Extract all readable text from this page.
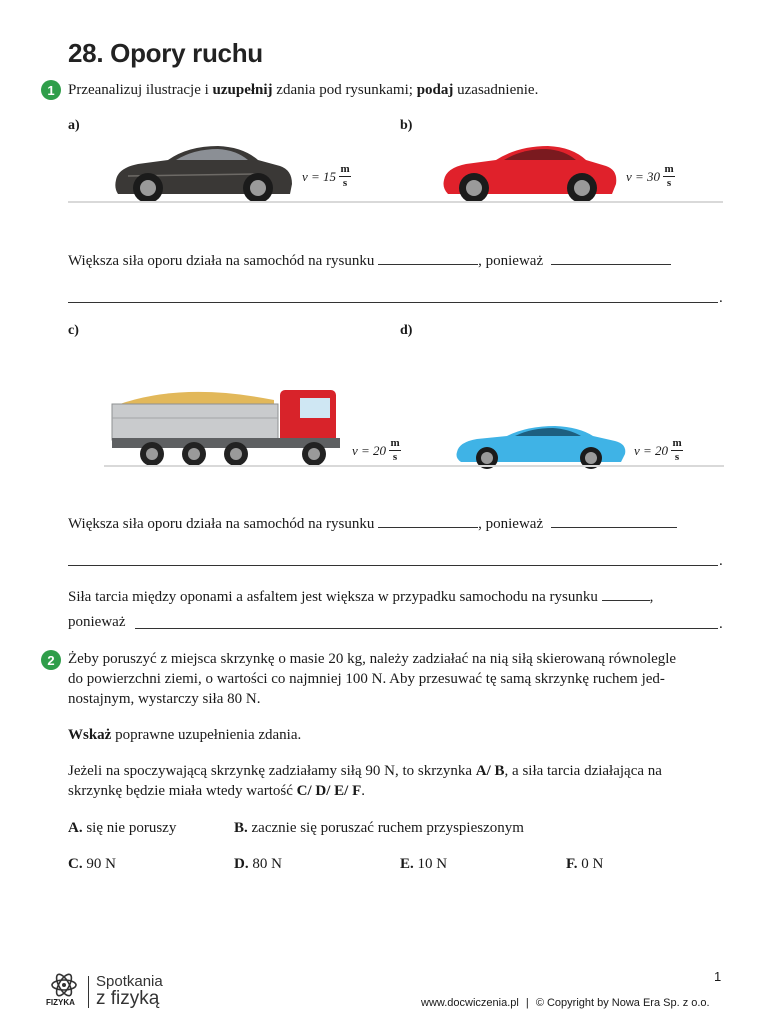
28. Opory ruchu
1 Przeanalizuj ilustracje i uzupełnij zdania pod rysunkami; podaj uzasadnienie.
a)	b)
$v = 15 \frac{m}{s}$	$v = 30 \frac{m}{s}$
Większa siła oporu działa na samochód na rysunku	, ponieważ
.
c)	d)
$v = 20 \frac{m}{s}$	$v = 20 \frac{m}{s}$
Większa siła oporu działa na samochód na rysunku	, ponieważ
.
Siła tarcia między oponami a asfaltem jest większa w przypadku samochodu na rysunku	,
ponieważ	.
2 Żeby poruszyć z miejsca skrzynkę o masie 20 kg, należy zadziałać na nią siłą skierowaną równolegle
do powierzchni ziemi, o wartości co najmniej 100 N. Aby przesuwać tę samą skrzynkę ruchem jed-
nostajnym, wystarczy siła 80 N.
Wskaż poprawne uzupełnienia zdania.
Jeżeli na spoczywającą skrzynkę zadziałamy siłą 90 N, to skrzynka A/ B, a siła tarcia działająca na
skrzynkę będzie miała wtedy wartość C/ D/ E/ F.
A. się nie poruszy	B. zacznie się poruszać ruchem przyspieszonym
C. 90 N	D. 80 N	E. 10 N	F. 0 N
FIZYKA
Spotkania
z fizyką
1
www.docwiczenia.pl | © Copyright by Nowa Era Sp. z o.o.
